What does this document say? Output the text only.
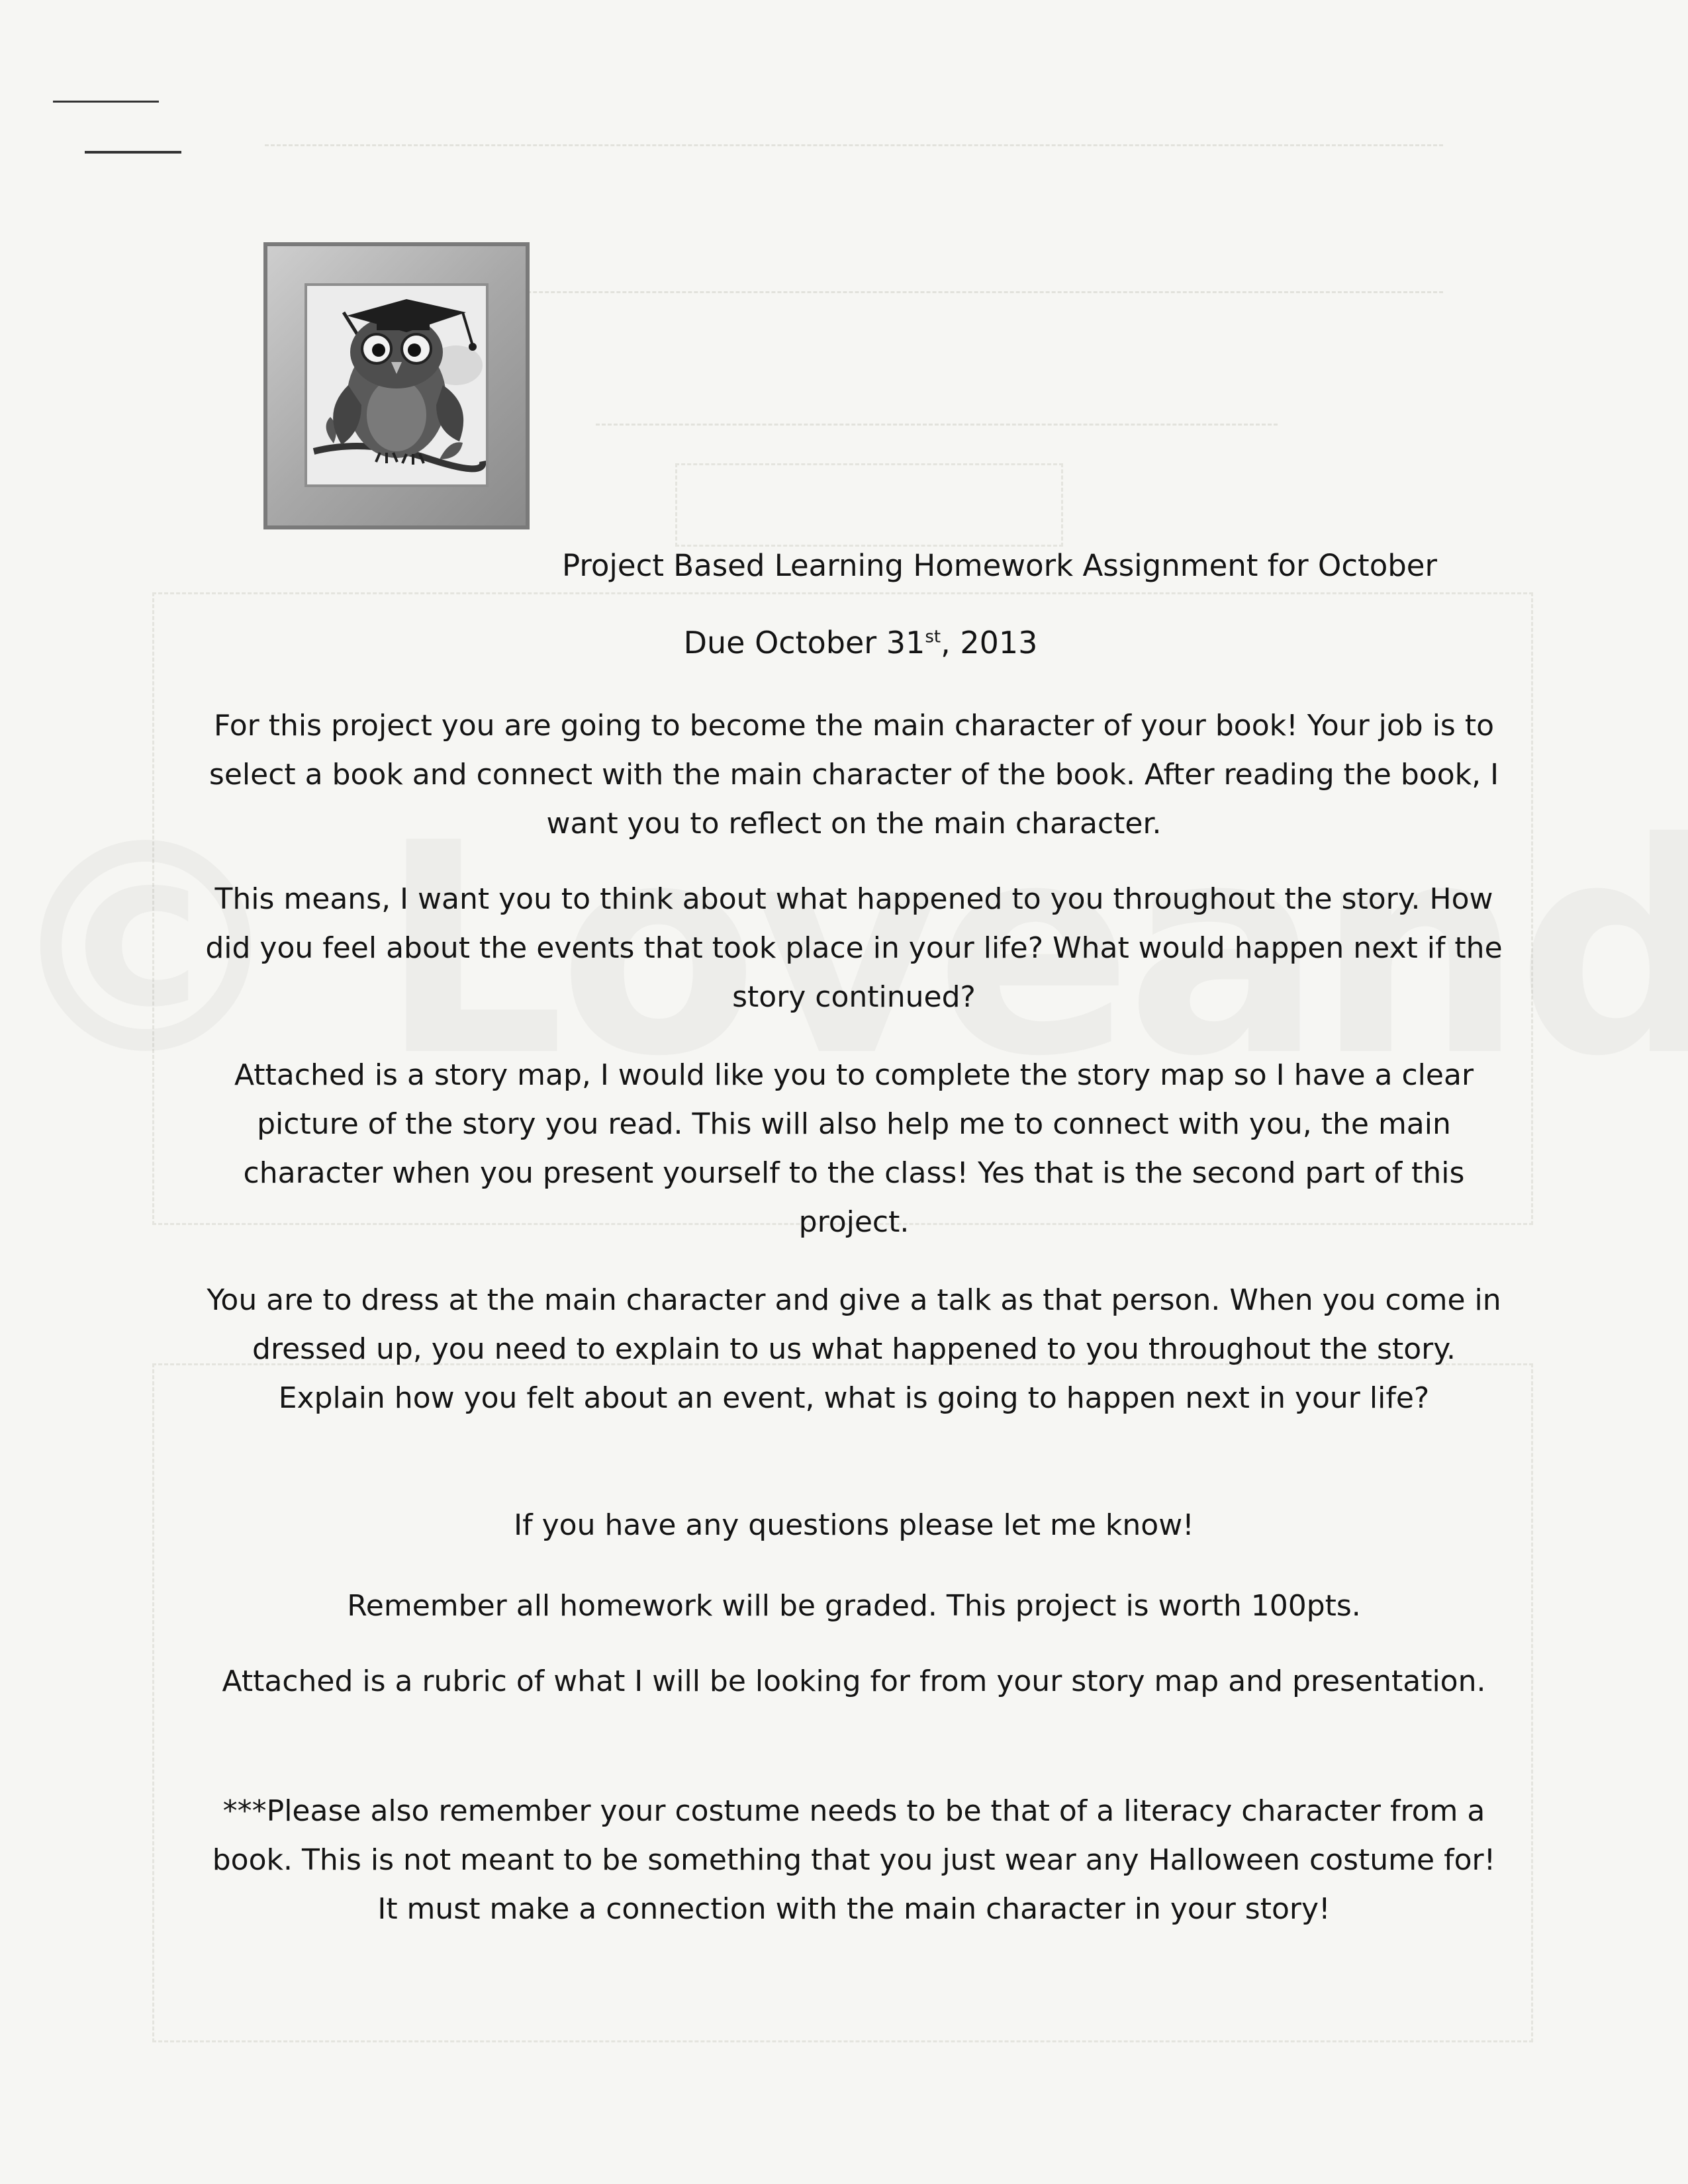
Project Based Learning Homework Assignment for October
Due October 31st, 2013
For this project you are going to become the main character of your book! Your job is to select a book and connect with the main character of the book. After reading the book, I want you to reflect on the main character.
This means, I want you to think about what happened to you throughout the story. How did you feel about the events that took place in your life? What would happen next if the story continued?
Attached is a story map, I would like you to complete the story map so I have a clear picture of the story you read. This will also help me to connect with you, the main character when you present yourself to the class! Yes that is the second part of this project.
You are to dress at the main character and give a talk as that person. When you come in dressed up, you need to explain to us what happened to you throughout the story. Explain how you felt about an event, what is going to happen next in your life?
If you have any questions please let me know!
Remember all homework will be graded. This project is worth 100pts.
Attached is a rubric of what I will be looking for from your story map and presentation.
***Please also remember your costume needs to be that of a literacy character from a book. This is not meant to be something that you just wear any Halloween costume for! It must make a connection with the main character in your story!
